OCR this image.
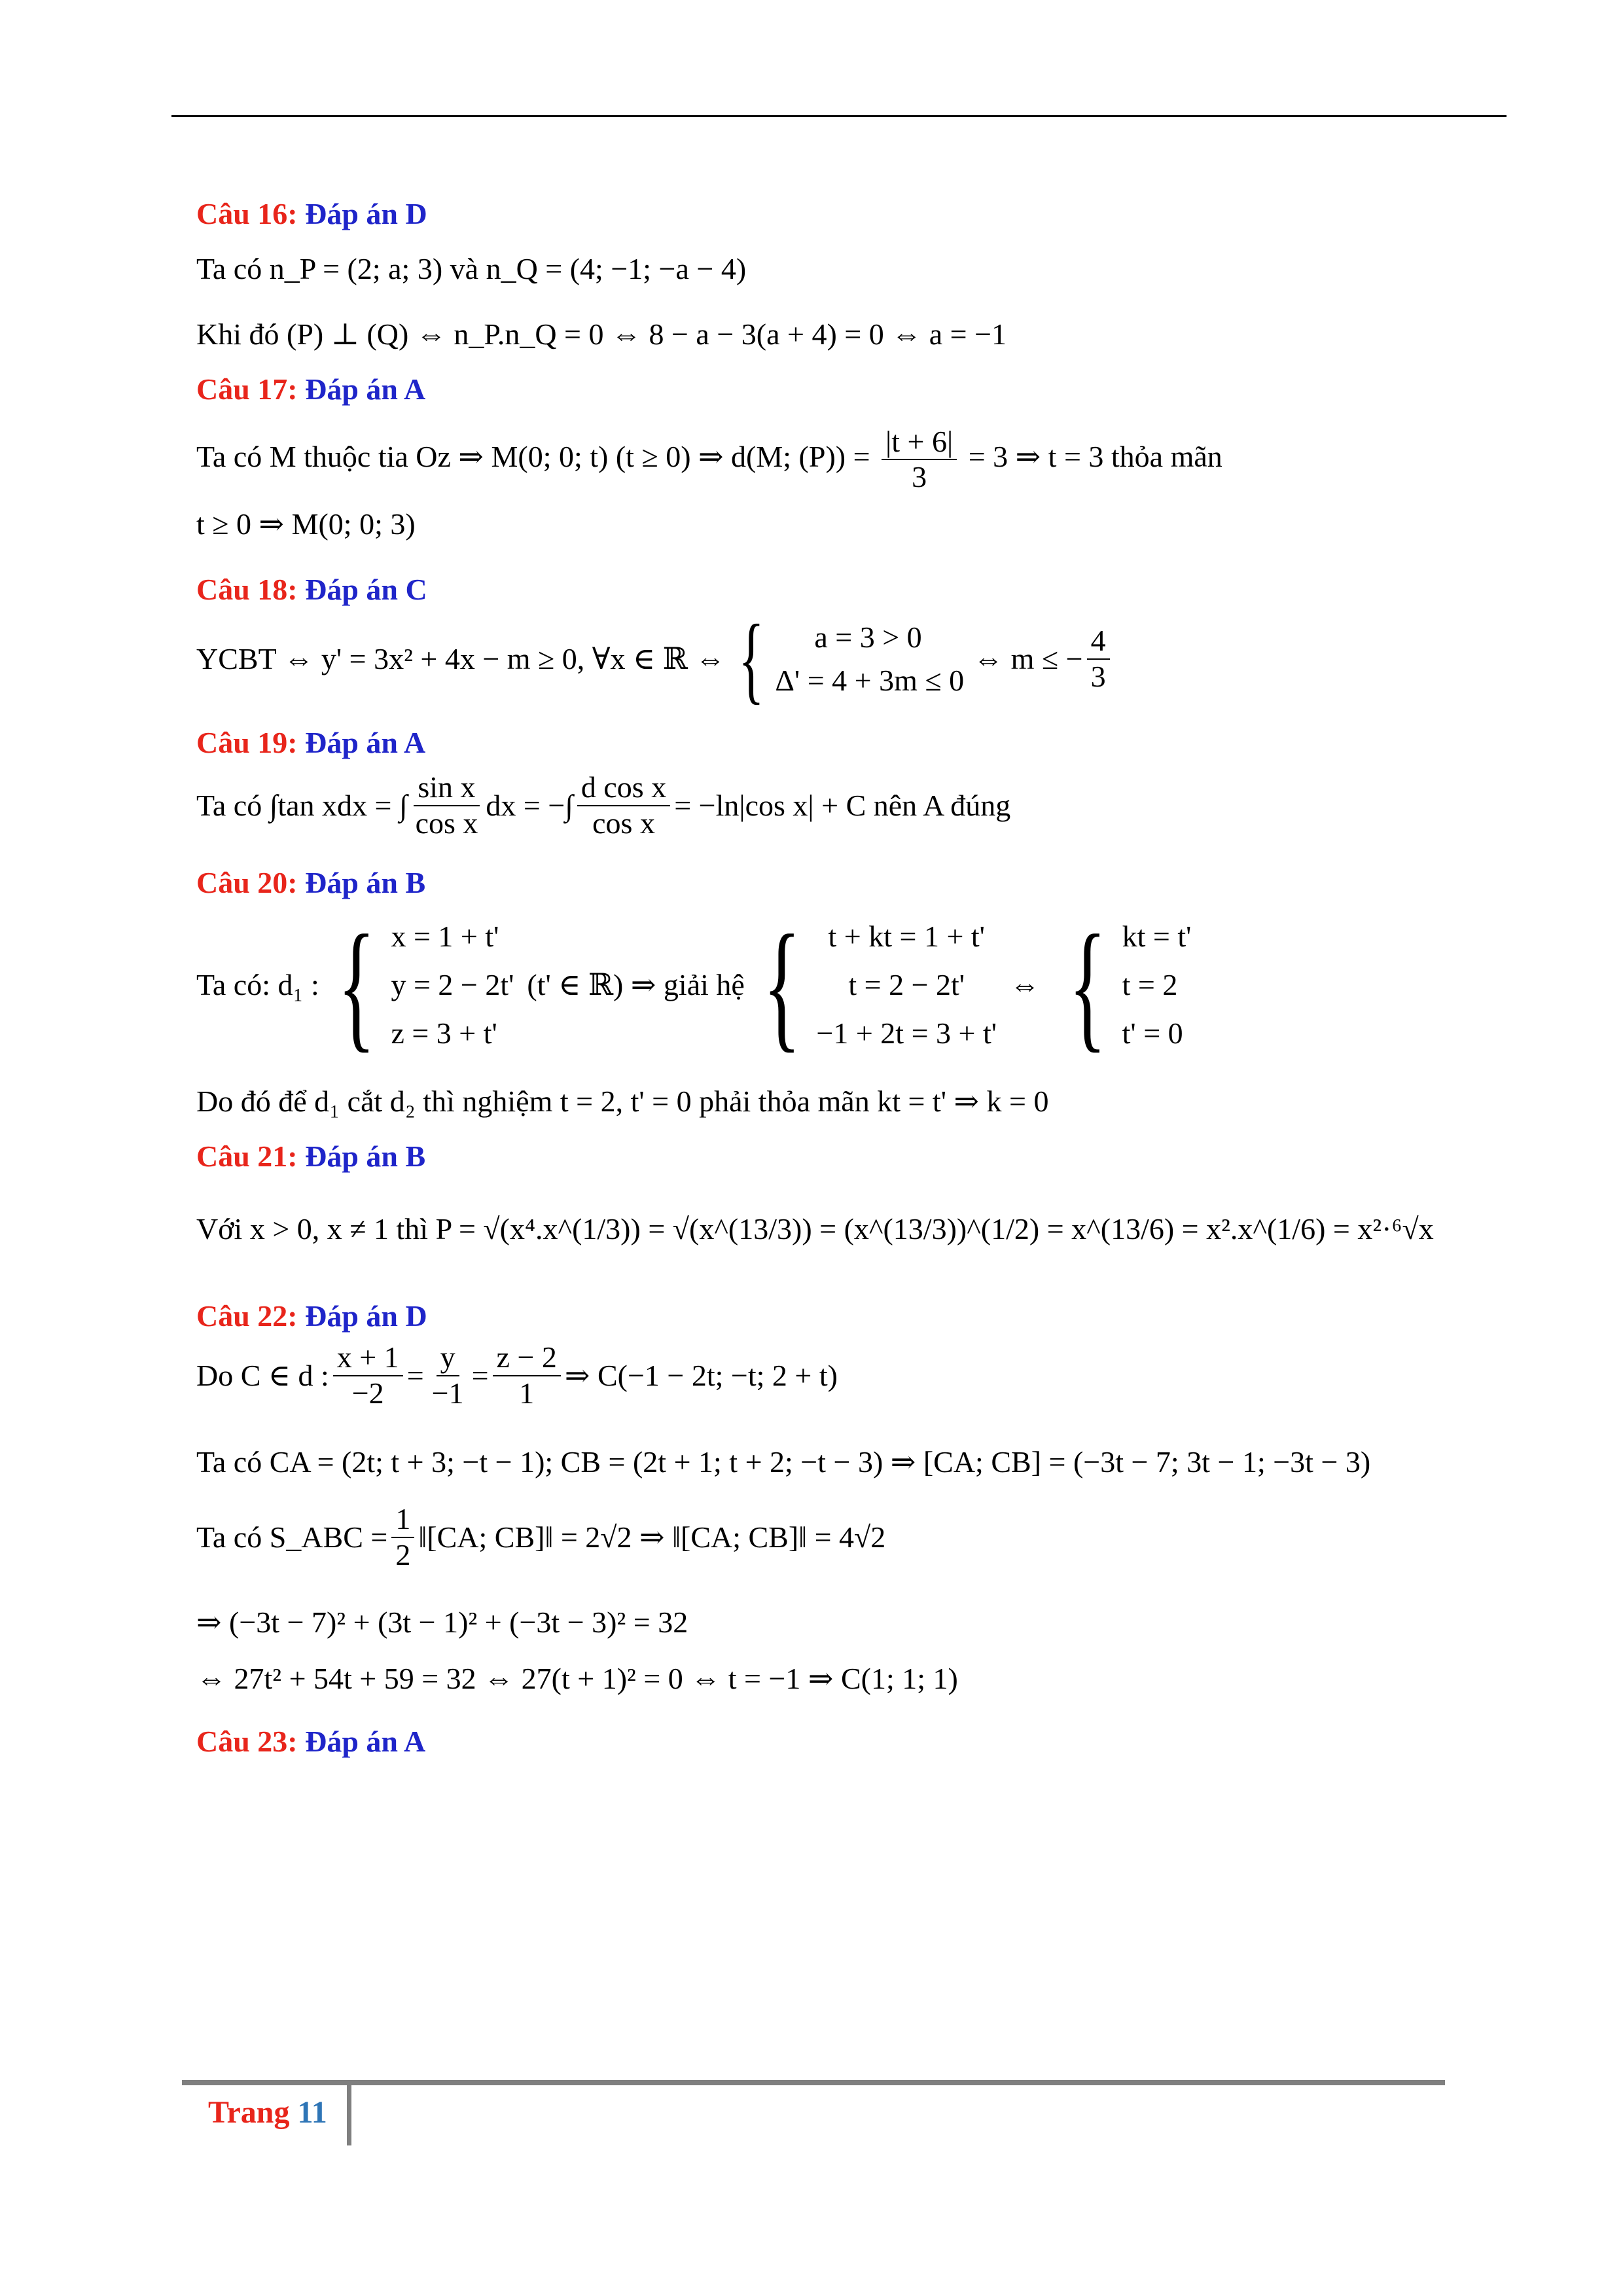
Câu 16: Đáp án D
Ta có n_P = (2; a; 3) và n_Q = (4; −1; −a − 4)
Khi đó (P) ⊥ (Q) ⇔ n_P.n_Q = 0 ⇔ 8 − a − 3(a + 4) = 0 ⇔ a = −1
Câu 17: Đáp án A
Ta có M thuộc tia Oz ⇒ M(0; 0; t) (t ≥ 0) ⇒ d(M; $(P)) = \frac{|t + 6|}{3} = 3$ ⇒ t = 3 thỏa mãn
t ≥ 0 ⇒ M(0; 0; 3)
Câu 18: Đáp án C
YCBT ⇔ y' = 3x² + 4x − m ≥ 0, ∀x ∈ ℝ ⇔ {	a = 3 > 0
Δ' = 4 + 3m ≤ 0
⇔ m ≤ − $\frac{4}{3}$
Câu 19: Đáp án A
Ta có ∫tan xdx = ∫ $\frac{\text{sin x}}{\text{cos x}}$ dx = −∫ $\frac{\text{d cos x}}{\text{cos x}} = -\ln|\cos$ x| + C nên A đúng
Câu 20: Đáp án B
Ta có: d₁ : { x = 1 + t'
y = 2 − 2t'
z = 3 + t'
(t' ∈ ℝ) ⇒ giải hệ { t + kt = 1 + t'
t = 2 − 2t'
−1 + 2t = 3 + t'
⇔ { kt = t'
t = 2
t' = 0
Do đó để d₁ cắt d₂ thì nghiệm t = 2, t' = 0 phải thỏa mãn kt = t' ⇒ k = 0
Câu 21: Đáp án B
Với x > 0, x ≠ 1 thì P = √(x⁴.x^(1/3)) = √(x^(13/3)) = (x^(13/3))^(1/2) = x^(13/6) = x².x^(1/6) = x²·⁶√x
Câu 22: Đáp án D
Do C ∈ d : $\frac{x + 1}{-2} = \frac{y}{-1} = \frac{z - 2}{1}$ ⇒ C(−1 − 2t; −t; 2 + t)
Ta có CA = (2t; t + 3; −t − 1); CB = (2t + 1; t + 2; −t − 3) ⇒ [CA; CB] = (−3t − 7; 3t − 1; −3t − 3)
Ta có S_ABC = $\frac{1}{2}$ ‖[CA; CB]‖ = 2√2 ⇒ ‖[CA; CB]‖ = 4√2
⇒ (−3t − 7)² + (3t − 1)² + (−3t − 3)² = 32
⇔ 27t² + 54t + 59 = 32 ⇔ 27(t + 1)² = 0 ⇔ t = −1 ⇒ C(1; 1; 1)
Câu 23: Đáp án A
Trang 11
